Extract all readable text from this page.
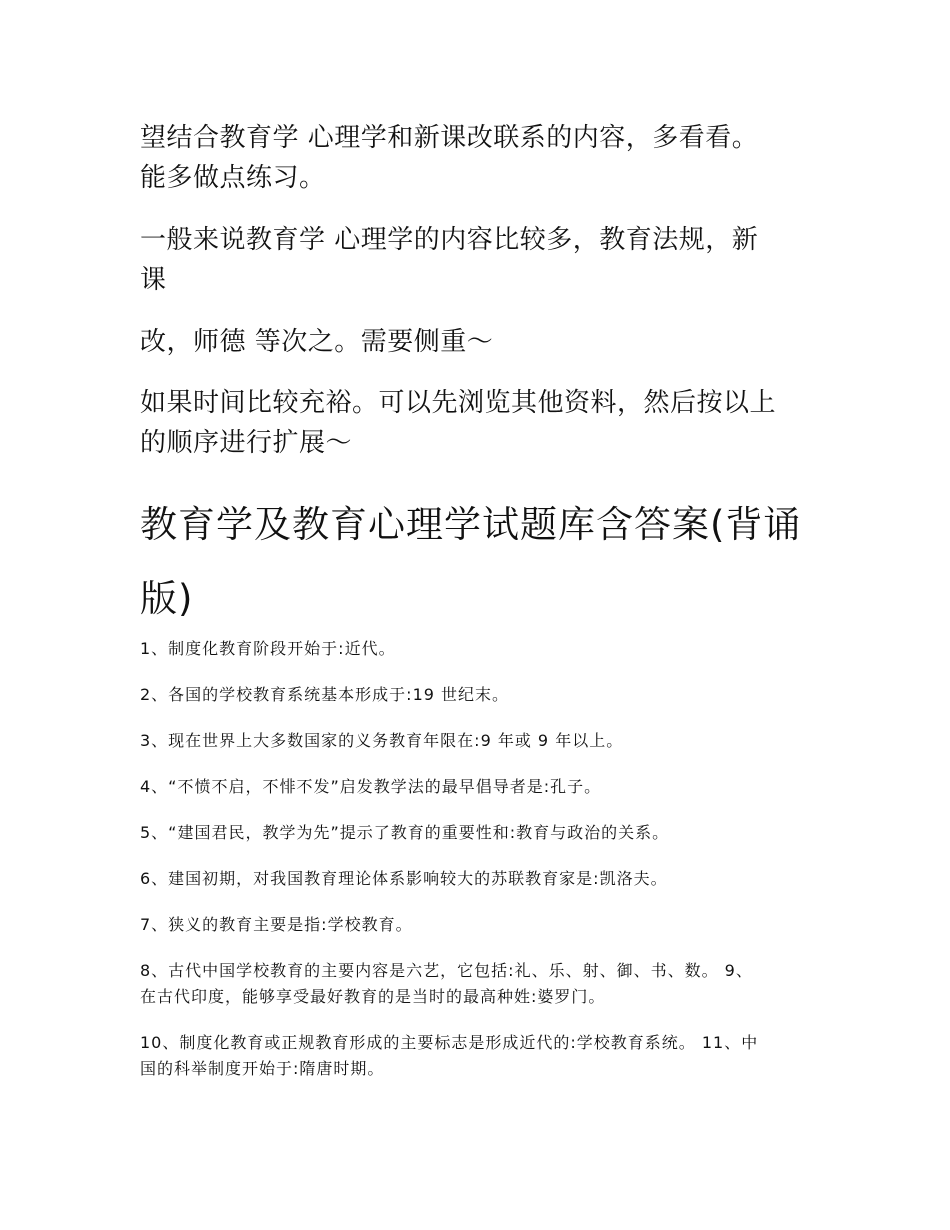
望结合教育学 心理学和新课改联系的内容，多看看。
能多做点练习。

一般来说教育学 心理学的内容比较多，教育法规，新
课

改，师德 等次之。需要侧重～

如果时间比较充裕。可以先浏览其他资料，然后按以上
的顺序进行扩展～

教育学及教育心理学试题库含答案(背诵版)
1、制度化教育阶段开始于:近代。
2、各国的学校教育系统基本形成于:19 世纪末。
3、现在世界上大多数国家的义务教育年限在:9 年或 9 年以上。
4、“不愤不启，不悱不发”启发教学法的最早倡导者是:孔子。
5、“建国君民，教学为先”提示了教育的重要性和:教育与政治的关系。
6、建国初期，对我国教育理论体系影响较大的苏联教育家是:凯洛夫。
7、狭义的教育主要是指:学校教育。
8、古代中国学校教育的主要内容是六艺，它包括:礼、乐、射、御、书、数。 9、
在古代印度，能够享受最好教育的是当时的最高种姓:婆罗门。
10、制度化教育或正规教育形成的主要标志是形成近代的:学校教育系统。 11、中
国的科举制度开始于:隋唐时期。
